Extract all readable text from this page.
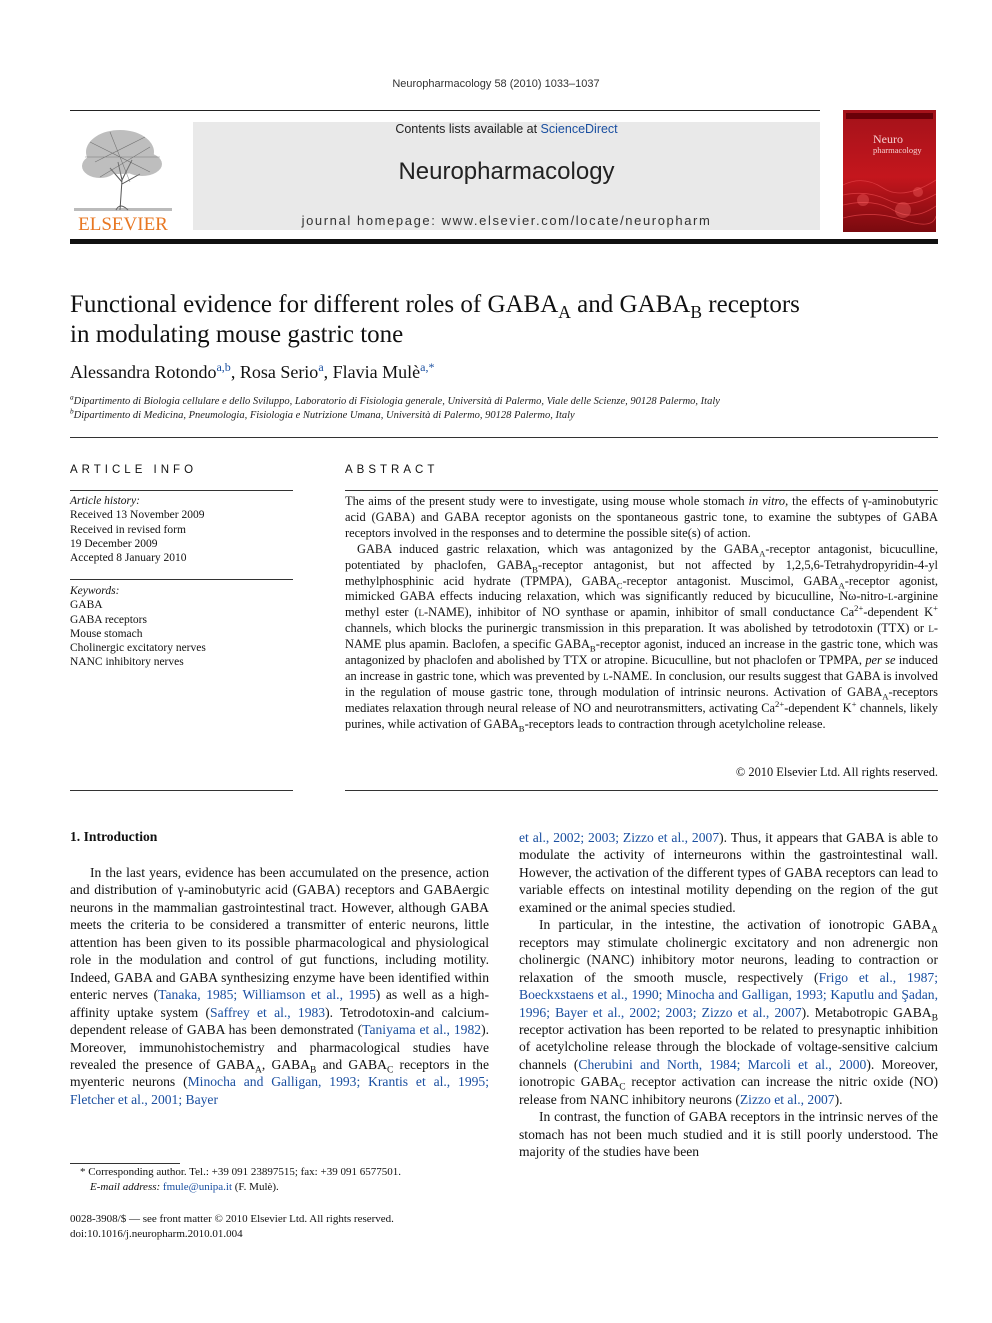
Neuropharmacology 58 (2010) 1033–1037
ELSEVIER
Contents lists available at ScienceDirect
Neuropharmacology
journal homepage: www.elsevier.com/locate/neuropharm
Neuro
pharmacology
Functional evidence for different roles of $GABA_A$ and $GABA_B$ receptors
in modulating mouse gastric tone
Alessandra Rotondo$^{a,b}$, Rosa Serio$^a$, Flavia Mulè$^{a,*}$
$^a$Dipartimento di Biologia cellulare e dello Sviluppo, Laboratorio di Fisiologia generale, Università di Palermo, Viale delle Scienze, 90128 Palermo, Italy
$^b$Dipartimento di Medicina, Pneumologia, Fisiologia e Nutrizione Umana, Università di Palermo, 90128 Palermo, Italy
ARTICLE INFO
Article history:
Received 13 November 2009
Received in revised form
19 December 2009
Accepted 8 January 2010
Keywords:
GABA
GABA receptors
Mouse stomach
Cholinergic excitatory nerves
NANC inhibitory nerves
ABSTRACT

The aims of the present study were to investigate, using mouse whole stomach in vitro, the effects of γ-aminobutyric acid (GABA) and GABA receptor agonists on the spontaneous gastric tone, to examine the subtypes of GABA receptors involved in the responses and to determine the possible site(s) of action.

GABA induced gastric relaxation, which was antagonized by the $GABA_A$-receptor antagonist, bicuculline, potentiated by phaclofen, $GABA_B$-receptor antagonist, but not affected by 1,2,5,6-Tetrahydropyridin-4-yl methylphosphinic acid hydrate (TPMPA), $GABA_C$-receptor antagonist. Muscimol, $GABA_A$-receptor agonist, mimicked GABA effects inducing relaxation, which was significantly reduced by bicuculline, Nω-nitro-l-arginine methyl ester (l-NAME), inhibitor of NO synthase or apamin, inhibitor of small conductance $Ca^{2+}$-dependent K+ channels, which blocks the purinergic transmission in this preparation. It was abolished by tetrodotoxin (TTX) or l-NAME plus apamin. Baclofen, a specific $GABA_B$-receptor agonist, induced an increase in the gastric tone, which was antagonized by phaclofen and abolished by TTX or atropine. Bicuculline, but not phaclofen or TPMPA, per se induced an increase in gastric tone, which was prevented by l-NAME. In conclusion, our results suggest that GABA is involved in the regulation of mouse gastric tone, through modulation of intrinsic neurons. Activation of $GABA_A$-receptors mediates relaxation through neural release of NO and neurotransmitters, activating $Ca^{2+}$-dependent K+ channels, likely purines, while activation of $GABA_B$-receptors leads to contraction through acetylcholine release.

© 2010 Elsevier Ltd. All rights reserved.
1. Introduction

In the last years, evidence has been accumulated on the presence, action and distribution of γ-aminobutyric acid (GABA) receptors and GABAergic neurons in the mammalian gastrointestinal tract. However, although GABA meets the criteria to be considered a transmitter of enteric neurons, little attention has been given to its possible pharmacological and physiological role in the modulation and control of gut functions, including motility. Indeed, GABA and GABA synthesizing enzyme have been identified within enteric nerves (Tanaka, 1985; Williamson et al., 1995) as well as a high-affinity uptake system (Saffrey et al., 1983). Tetrodotoxin-and calcium-dependent release of GABA has been demonstrated (Taniyama et al., 1982). Moreover, immunohistochemistry and pharmacological studies have revealed the presence of $GABA_A$, $GABA_B$ and $GABA_C$ receptors in the myenteric neurons (Minocha and Galligan, 1993; Krantis et al., 1995; Fletcher et al., 2001; Bayer

et al., 2002; 2003; Zizzo et al., 2007). Thus, it appears that GABA is able to modulate the activity of interneurons within the gastrointestinal wall. However, the activation of the different types of GABA receptors can lead to variable effects on intestinal motility depending on the region of the gut examined or the animal species studied.

In particular, in the intestine, the activation of ionotropic $GABA_A$ receptors may stimulate cholinergic excitatory and non adrenergic non cholinergic (NANC) inhibitory motor neurons, leading to contraction or relaxation of the smooth muscle, respectively (Frigo et al., 1987; Boeckxstaens et al., 1990; Minocha and Galligan, 1993; Kaputlu and Şadan, 1996; Bayer et al., 2002; 2003; Zizzo et al., 2007). Metabotropic $GABA_B$ receptor activation has been reported to be related to presynaptic inhibition of acetylcholine release through the blockade of voltage-sensitive calcium channels (Cherubini and North, 1984; Marcoli et al., 2000). Moreover, ionotropic $GABA_C$ receptor activation can increase the nitric oxide (NO) release from NANC inhibitory neurons (Zizzo et al., 2007).

In contrast, the function of GABA receptors in the intrinsic nerves of the stomach has not been much studied and it is still poorly understood. The majority of the studies have been

* Corresponding author. Tel.: +39 091 23897515; fax: +39 091 6577501.
E-mail address: fmule@unipa.it (F. Mulè).
0028-3908/$ — see front matter © 2010 Elsevier Ltd. All rights reserved.
doi:10.1016/j.neuropharm.2010.01.004
